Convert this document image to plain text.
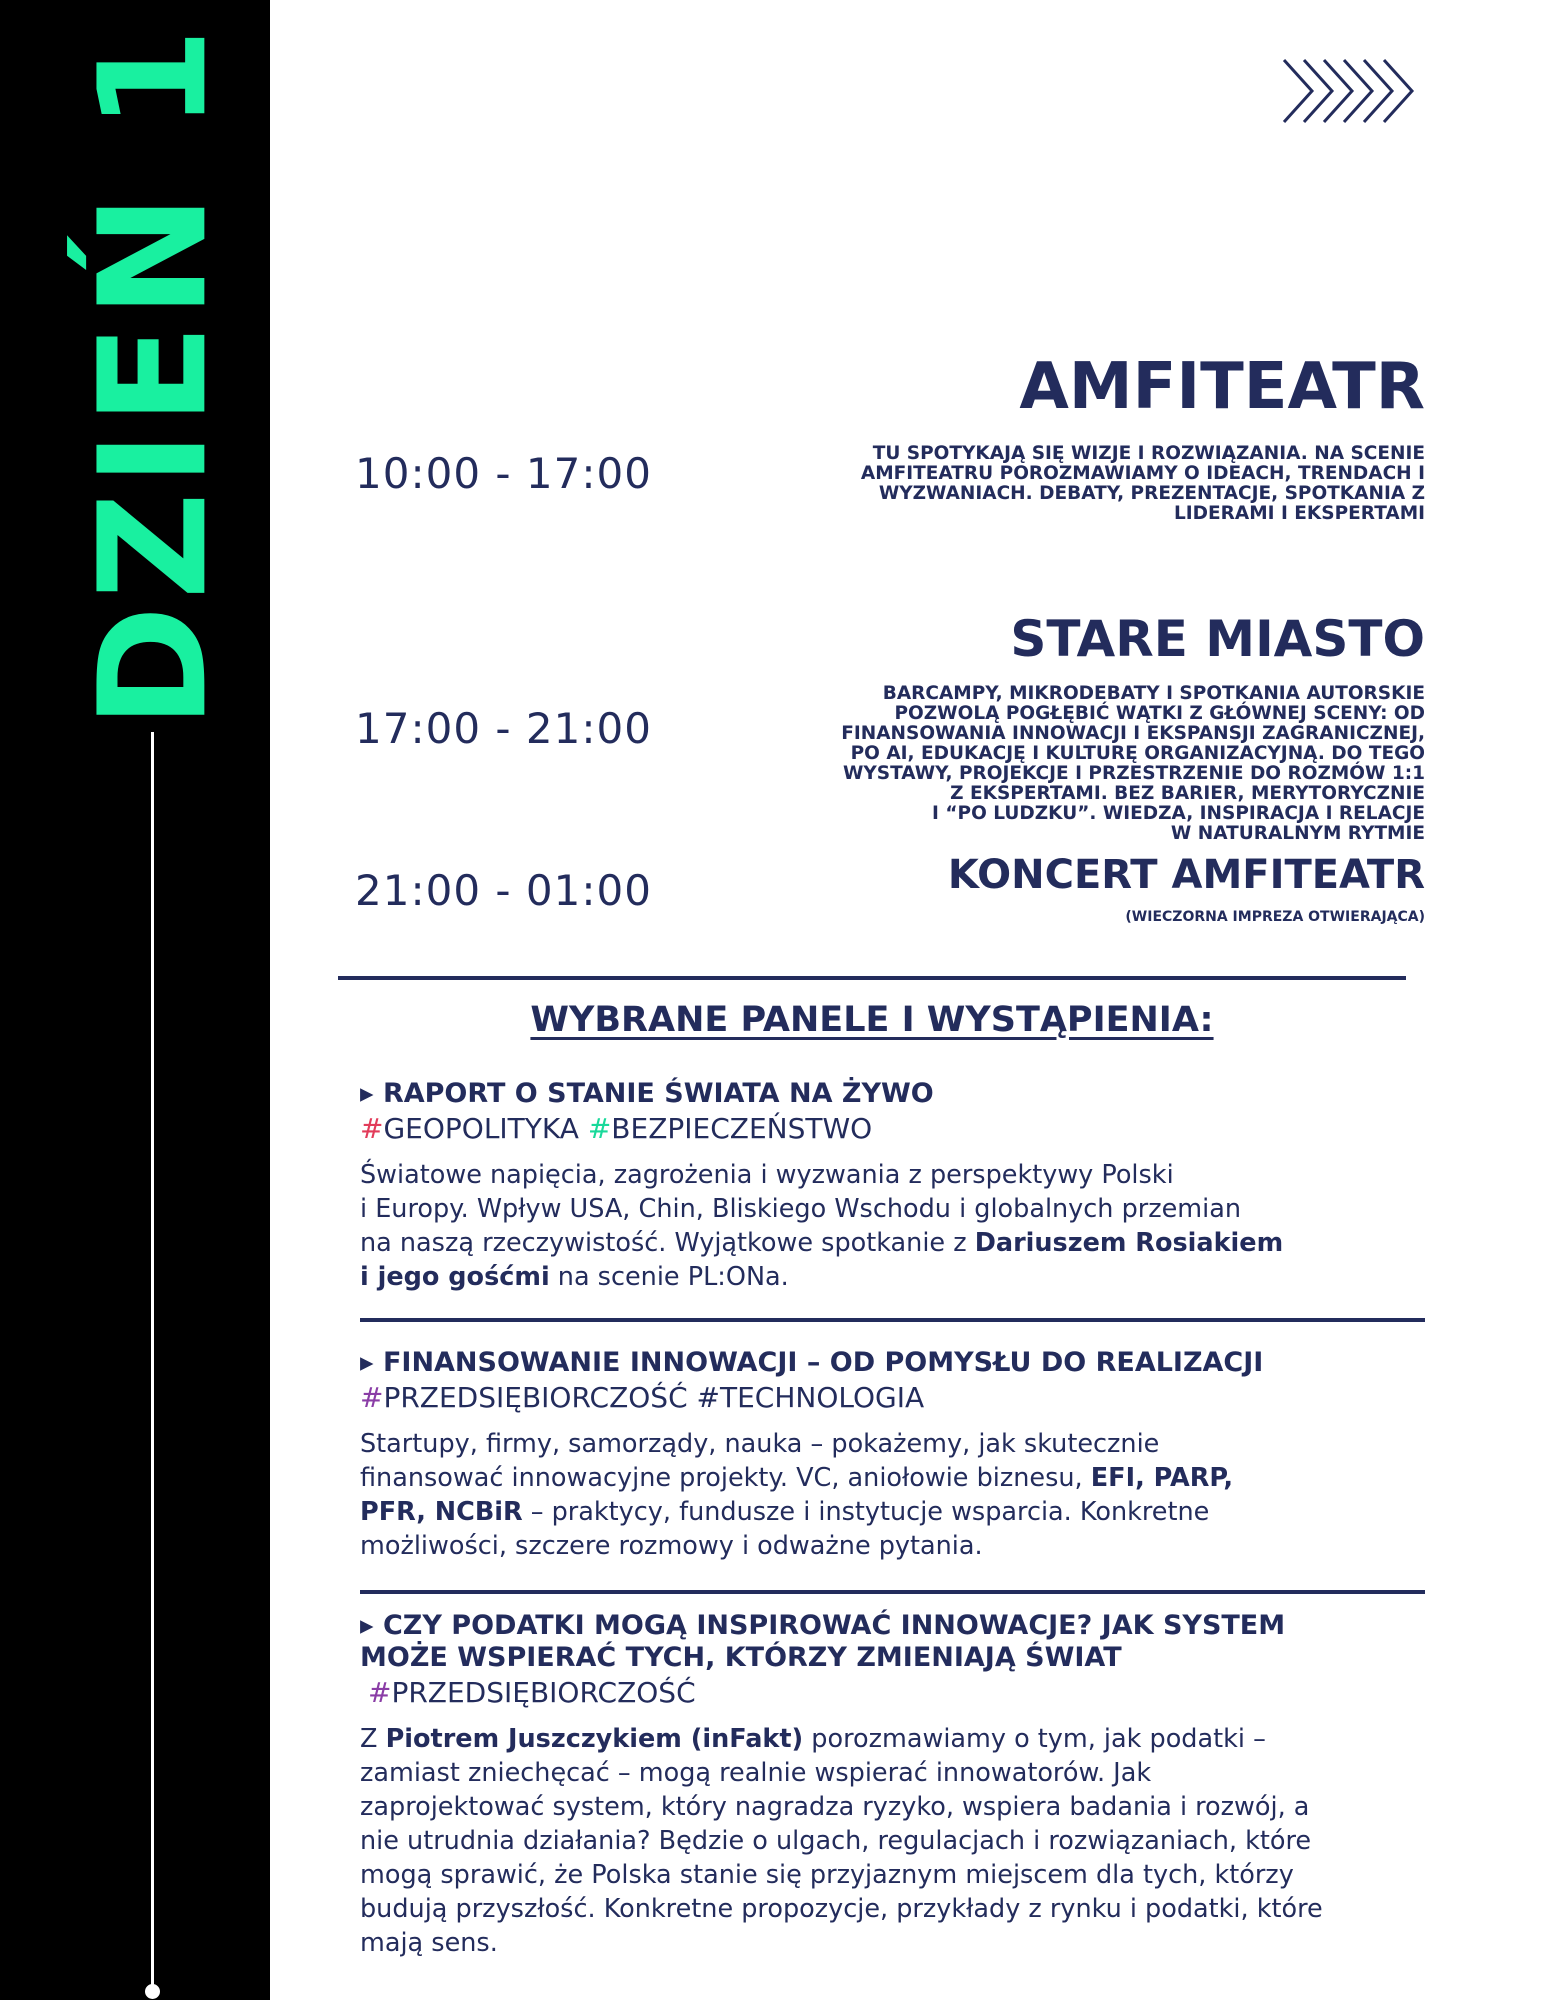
DZIEŃ 1	10:00 - 17:00
AMFITEATR
TU SPOTYKAJĄ SIĘ WIZJE I ROZWIĄZANIA. NA SCENIE
AMFITEATRU POROZMAWIAMY O IDEACH, TRENDACH I
WYZWANIACH. DEBATY, PREZENTACJE, SPOTKANIA Z
LIDERAMI I EKSPERTAMI
17:00 - 21:00
STARE MIASTO
BARCAMPY, MIKRODEBATY I SPOTKANIA AUTORSKIE
POZWOLĄ POGŁĘBIĆ WĄTKI Z GŁÓWNEJ SCENY: OD
FINANSOWANIA INNOWACJI I EKSPANSJI ZAGRANICZNEJ,
PO AI, EDUKACJĘ I KULTURĘ ORGANIZACYJNĄ. DO TEGO
WYSTAWY, PROJEKCJE I PRZESTRZENIE DO ROZMÓW 1:1
Z EKSPERTAMI. BEZ BARIER, MERYTORYCZNIE
I “PO LUDZKU”. WIEDZA, INSPIRACJA I RELACJE
W NATURALNYM RYTMIE
21:00 - 01:00	KONCERT AMFITEATR
(WIECZORNA IMPREZA OTWIERAJĄCA)
WYBRANE PANELE I WYSTĄPIENIA:
▸ RAPORT O STANIE ŚWIATA NA ŻYWO
#GEOPOLITYKA #BEZPIECZEŃSTWO
Światowe napięcia, zagrożenia i wyzwania z perspektywy Polski
i Europy. Wpływ USA, Chin, Bliskiego Wschodu i globalnych przemian
na naszą rzeczywistość. Wyjątkowe spotkanie z Dariuszem Rosiakiem
i jego gośćmi na scenie PL:ONa.
▸ FINANSOWANIE INNOWACJI – OD POMYSŁU DO REALIZACJI
#PRZEDSIĘBIORCZOŚĆ #TECHNOLOGIA
Startupy, firmy, samorządy, nauka – pokażemy, jak skutecznie
finansować innowacyjne projekty. VC, aniołowie biznesu, EFI, PARP,
PFR, NCBiR – praktycy, fundusze i instytucje wsparcia. Konkretne
możliwości, szczere rozmowy i odważne pytania.
▸ CZY PODATKI MOGĄ INSPIROWAĆ INNOWACJE? JAK SYSTEM
MOŻE WSPIERAĆ TYCH, KTÓRZY ZMIENIAJĄ ŚWIAT
#PRZEDSIĘBIORCZOŚĆ
Z Piotrem Juszczykiem (inFakt) porozmawiamy o tym, jak podatki –
zamiast zniechęcać – mogą realnie wspierać innowatorów. Jak
zaprojektować system, który nagradza ryzyko, wspiera badania i rozwój, a
nie utrudnia działania? Będzie o ulgach, regulacjach i rozwiązaniach, które
mogą sprawić, że Polska stanie się przyjaznym miejscem dla tych, którzy
budują przyszłość. Konkretne propozycje, przykłady z rynku i podatki, które
mają sens.
